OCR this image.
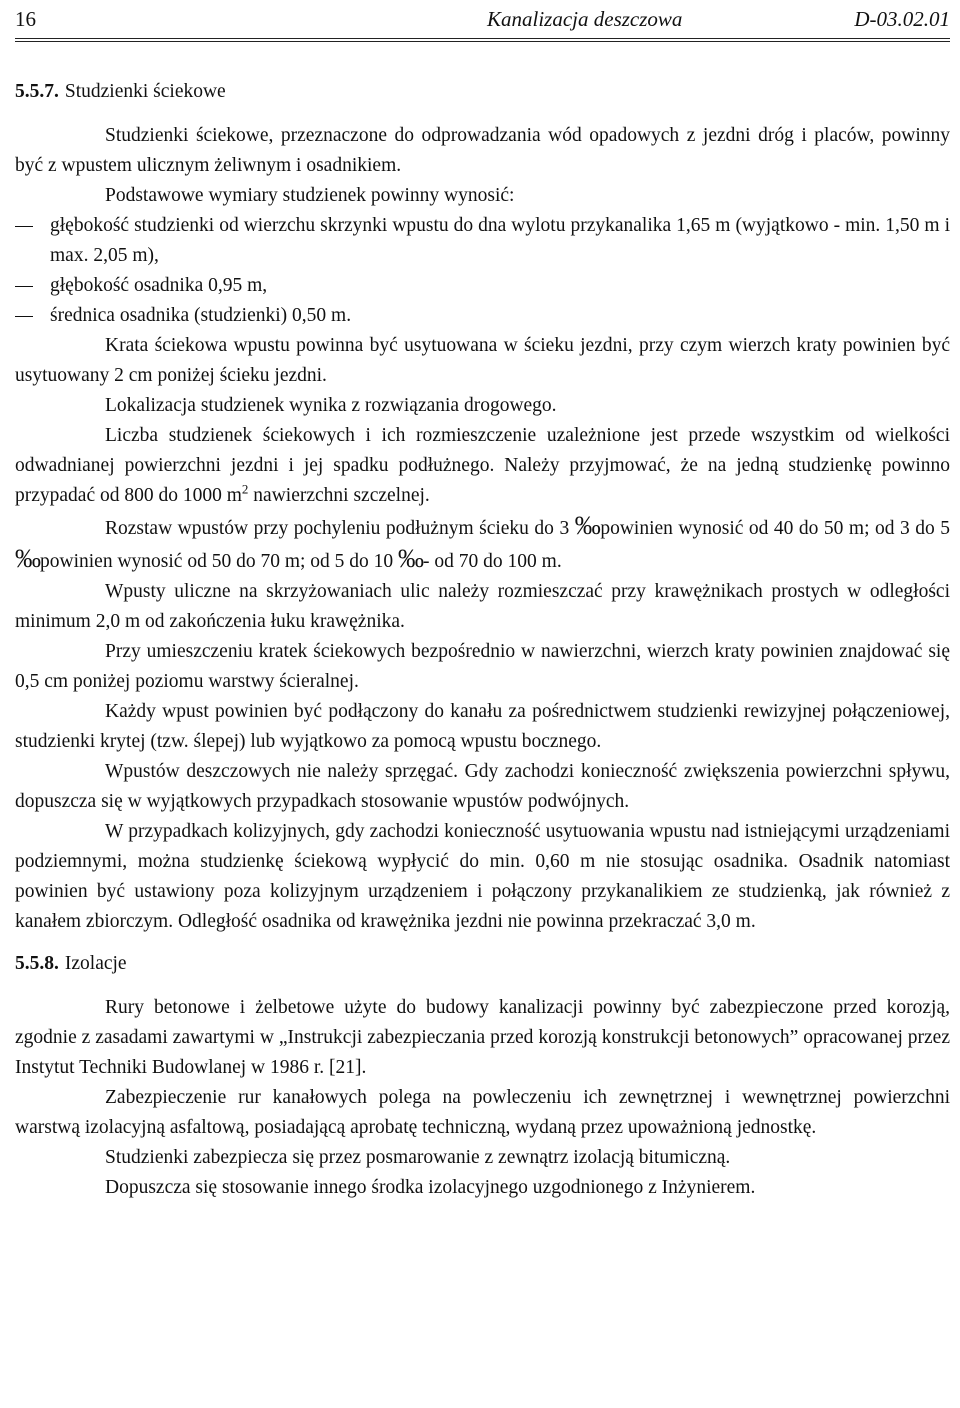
16	Kanalizacja deszczowa	D-03.02.01
5.5.7. Studzienki ściekowe

Studzienki ściekowe, przeznaczone do odprowadzania wód opadowych z jezdni dróg i placów, powinny być z wpustem ulicznym żeliwnym i osadnikiem.

Podstawowe wymiary studzienek powinny wynosić:

głębokość studzienki od wierzchu skrzynki wpustu do dna wylotu przykanalika 1,65 m (wyjątkowo - min. 1,50 m i max. 2,05 m),
głębokość osadnika 0,95 m,
średnica osadnika (studzienki) 0,50 m.

Krata ściekowa wpustu powinna być usytuowana w ścieku jezdni, przy czym wierzch kraty powinien być usytuowany 2 cm poniżej ścieku jezdni.

Lokalizacja studzienek wynika z rozwiązania drogowego.

Liczba studzienek ściekowych i ich rozmieszczenie uzależnione jest przede wszystkim od wielkości odwadnianej powierzchni jezdni i jej spadku podłużnego. Należy przyjmować, że na jedną studzienkę powinno przypadać od 800 do 1000 $m^2$ nawierzchni szczelnej.

Rozstaw wpustów przy pochyleniu podłużnym ścieku do 3 ‰powinien wynosić od 40 do 50 m; od 3 do 5 ‰powinien wynosić od 50 do 70 m; od 5 do 10 ‰- od 70 do 100 m.

Wpusty uliczne na skrzyżowaniach ulic należy rozmieszczać przy krawężnikach prostych w odległości minimum 2,0 m od zakończenia łuku krawężnika.

Przy umieszczeniu kratek ściekowych bezpośrednio w nawierzchni, wierzch kraty powinien znajdować się 0,5 cm poniżej poziomu warstwy ścieralnej.

Każdy wpust powinien być podłączony do kanału za pośrednictwem studzienki rewizyjnej połączeniowej, studzienki krytej (tzw. ślepej) lub wyjątkowo za pomocą wpustu bocznego.

Wpustów deszczowych nie należy sprzęgać. Gdy zachodzi konieczność zwiększenia powierzchni spływu, dopuszcza się w wyjątkowych przypadkach stosowanie wpustów podwójnych.

W przypadkach kolizyjnych, gdy zachodzi konieczność usytuowania wpustu nad istniejącymi urządzeniami podziemnymi, można studzienkę ściekową wypłycić do min. 0,60 m nie stosując osadnika. Osadnik natomiast powinien być ustawiony poza kolizyjnym urządzeniem i połączony przykanalikiem ze studzienką, jak również z kanałem zbiorczym. Odległość osadnika od krawężnika jezdni nie powinna przekraczać 3,0 m.

5.5.8. Izolacje

Rury betonowe i żelbetowe użyte do budowy kanalizacji powinny być zabezpieczone przed korozją, zgodnie z zasadami zawartymi w „Instrukcji zabezpieczania przed korozją konstrukcji betonowych” opracowanej przez Instytut Techniki Budowlanej w 1986 r. [21].

Zabezpieczenie rur kanałowych polega na powleczeniu ich zewnętrznej i wewnętrznej powierzchni warstwą izolacyjną asfaltową, posiadającą aprobatę techniczną, wydaną przez upoważnioną jednostkę.

Studzienki zabezpiecza się przez posmarowanie z zewnątrz izolacją bitumiczną.

Dopuszcza się stosowanie innego środka izolacyjnego uzgodnionego z Inżynierem.
